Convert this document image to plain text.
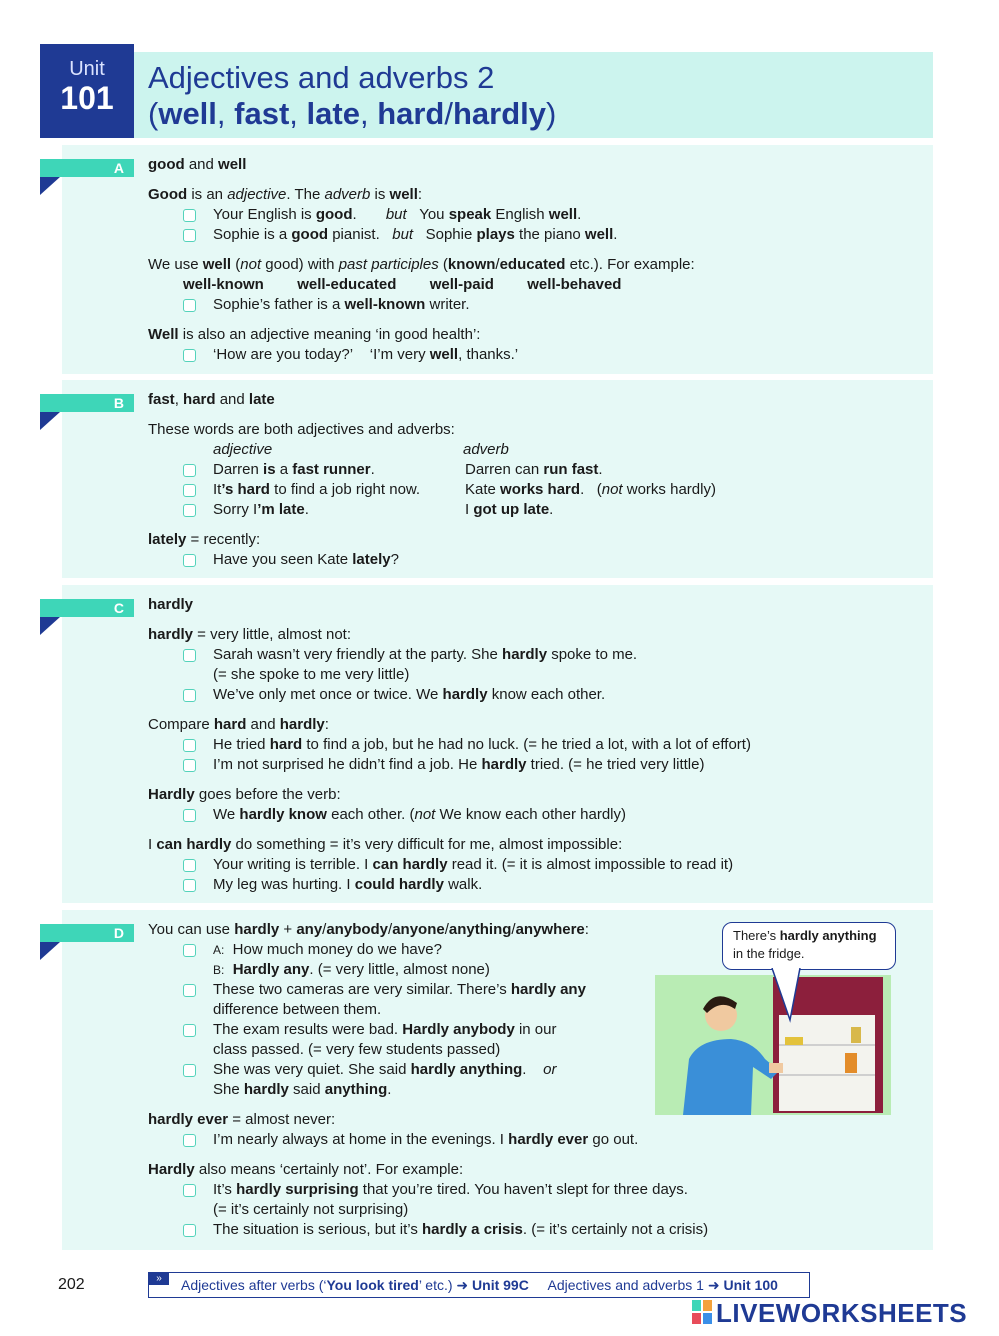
Unit
101
Adjectives and adverbs 2
(well, fast, late, hard/hardly)
A
B
C
D
good and well
Good is an adjective. The adverb is well:
Your English is good.       but   You speak English well.
Sophie is a good pianist.   but   Sophie plays the piano well.
We use well (not good) with past participles (known/educated etc.). For example:
well-known well-educated well-paid well-behaved
Sophie’s father is a well-known writer.
Well is also an adjective meaning ‘in good health’:
‘How are you today?’    ‘I’m very well, thanks.’
fast, hard and late
These words are both adjectives and adverbs:
adjective	adverb
Darren is a fast runner.	Darren can run fast.
It’s hard to find a job right now.	Kate works hard.   (not works hardly)
Sorry I’m late.	I got up late.
lately = recently:
Have you seen Kate lately?
hardly
hardly = very little, almost not:
Sarah wasn’t very friendly at the party. She hardly spoke to me.
(= she spoke to me very little)
We’ve only met once or twice. We hardly know each other.
Compare hard and hardly:
He tried hard to find a job, but he had no luck. (= he tried a lot, with a lot of effort)
I’m not surprised he didn’t find a job. He hardly tried. (= he tried very little)
Hardly goes before the verb:
We hardly know each other. (not We know each other hardly)
I can hardly do something = it’s very difficult for me, almost impossible:
Your writing is terrible. I can hardly read it. (= it is almost impossible to read it)
My leg was hurting. I could hardly walk.
You can use hardly + any/anybody/anyone/anything/anywhere:
A:  How much money do we have?
B: Hardly any. (= very little, almost none)
These two cameras are very similar. There’s hardly any
difference between them.
The exam results were bad. Hardly anybody in our
class passed. (= very few students passed)
She was very quiet. She said hardly anything.    or
She hardly said anything.
hardly ever = almost never:
I’m nearly always at home in the evenings. I hardly ever go out.
Hardly also means ‘certainly not’. For example:
It’s hardly surprising that you’re tired. You haven’t slept for three days.
(= it’s certainly not surprising)
The situation is serious, but it’s hardly a crisis. (= it’s certainly not a crisis)
There’s hardly anything in the fridge.
202	»	Adjectives after verbs (‘You look tired’ etc.) ➜ Unit 99C     Adjectives and adverbs 1 ➜ Unit 100
LIVEWORKSHEETS
